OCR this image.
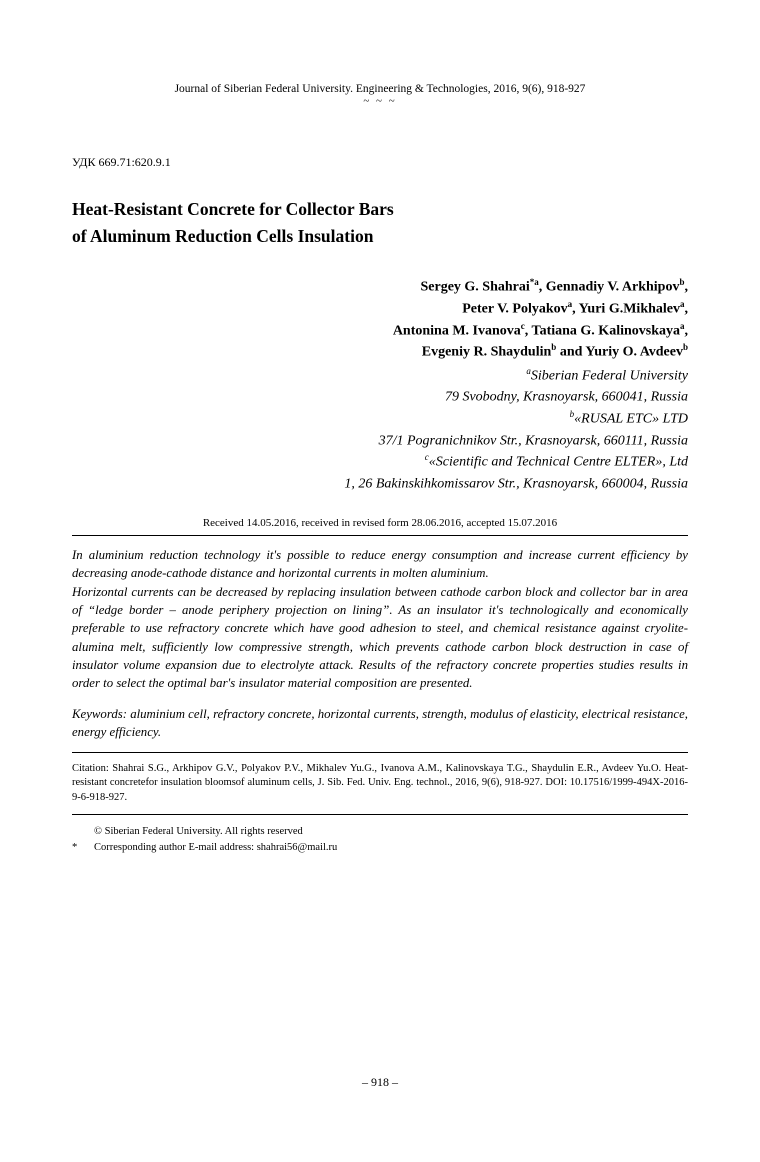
Journal of Siberian Federal University. Engineering & Technologies, 2016, 9(6), 918-927
~ ~ ~
УДК 669.71:620.9.1
Heat-Resistant Concrete for Collector Bars
of Aluminum Reduction Cells Insulation
Sergey G. Shahrai$^{*a}$, Gennadiy V. Arkhipov$^b$,
Peter V. Polyakov$^a$, Yuri G.Mikhalev$^a$,
Antonina M. Ivanova$^c$, Tatiana G. Kalinovskaya$^a$,
Evgeniy R. Shaydulin$^b$ and Yuriy O. Avdeev$^b$
$^a$Siberian Federal University
79 Svobodny, Krasnoyarsk, 660041, Russia
$^b$«RUSAL ETC» LTD
37/1 Pogranichnikov Str., Krasnoyarsk, 660111, Russia
$^c$«Scientific and Technical Centre ELTER», Ltd
1, 26 Bakinskihkomissarov Str., Krasnoyarsk, 660004, Russia
Received 14.05.2016, received in revised form 28.06.2016, accepted 15.07.2016

In aluminium reduction technology it's possible to reduce energy consumption and increase current efficiency by decreasing anode-cathode distance and horizontal currents in molten aluminium.

Horizontal currents can be decreased by replacing insulation between cathode carbon block and collector bar in area of “ledge border – anode periphery projection on lining”. As an insulator it's technologically and economically preferable to use refractory concrete which have good adhesion to steel, and chemical resistance against cryolite-alumina melt, sufficiently low compressive strength, which prevents cathode carbon block destruction in case of insulator volume expansion due to electrolyte attack. Results of the refractory concrete properties studies results in order to select the optimal bar's insulator material composition are presented.

Keywords: aluminium cell, refractory concrete, horizontal currents, strength, modulus of elasticity, electrical resistance, energy efficiency.
Citation: Shahrai S.G., Arkhipov G.V., Polyakov P.V., Mikhalev Yu.G., Ivanova A.M., Kalinovskaya T.G., Shaydulin E.R., Avdeev Yu.O. Heat-resistant concretefor insulation bloomsof aluminum cells, J. Sib. Fed. Univ. Eng. technol., 2016, 9(6), 918-927. DOI: 10.17516/1999-494X-2016-9-6-918-927.
© Siberian Federal University. All rights reserved
*	Corresponding author E-mail address: shahrai56@mail.ru
– 918 –
